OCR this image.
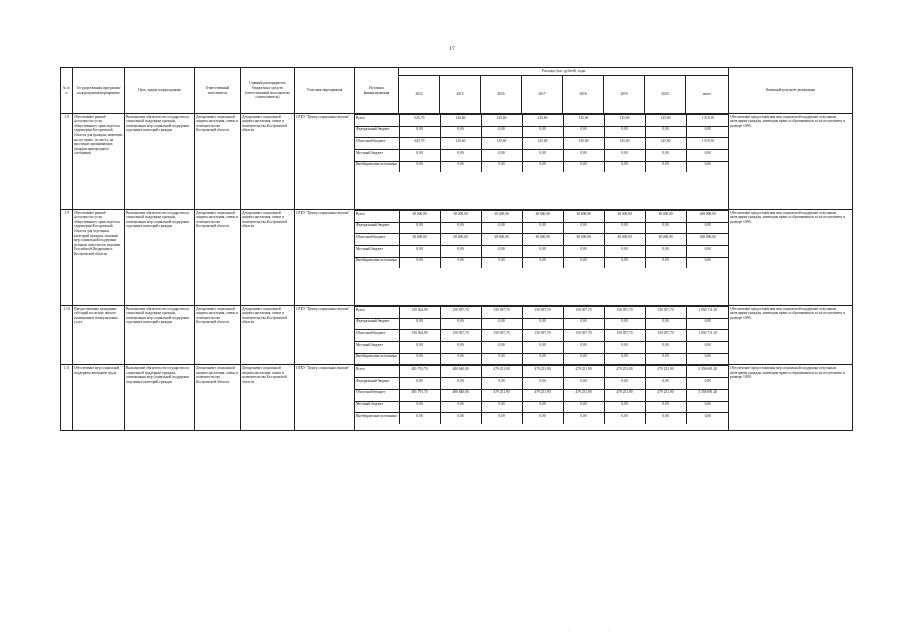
17
№ п/п	Государственная программа/подпрограмма/мероприятие	Цель, задача подпрограммы	Ответственный исполнитель	Главный распорядитель бюджетных средств (ответственный исполнитель/соисполнитель)	Участник мероприятия	Источник финансирования	Расходы (тыс. рублей), годы	Конечный результат реализации
2014	2015	2016	2017	2018	2019	2020	итого
1.8	Обеспечение равной доступности услуг общественного транспорта на территории Костромской области для граждан, имеющих на это право, по месту, на население проживающих граждан пригородного сообщения	Выполнение обязательств государства по социальной поддержке граждан, оптимизация мер социальной поддержки отдельных категорий граждан	Департамент социальной защиты населения, опеки и попечительства Костромской области	Департамент социальной защиты населения, опеки и попечительства Костромской области	ОГКУ "Центр социальных выплат"	Всего	645,70	145,60	145,60	145,60	145,60	145,60	145,60	1 519,30
Федеральный бюджет	0,00	0,00	0,00	0,00	0,00	0,00	0,00	0,00
Областной бюджет	645,70	145,60	145,60	145,60	145,60	145,60	145,60	1 519,30
Местный бюджет	0,00	0,00	0,00	0,00	0,00	0,00	0,00	0,00
Внебюджетные источники	0,00	0,00	0,00	0,00	0,00	0,00	0,00	0,00
	Обеспечение предоставления мер социальной поддержки отдельным категориям граждан, имеющим право и обратившимся за их получением, в размере 100%
1.9	Обеспечение равной доступности услуг общественного транспорта на территории Костромской области для отдельных категорий граждан, оказание мер социальной поддержки которым относится к ведению Российской Федерации и Костромской области	Выполнение обязательств государства по социальной поддержке граждан, оптимизация мер социальной поддержки отдельных категорий граждан	Департамент социальной защиты населения, опеки и попечительства Костромской области	Департамент социальной защиты населения, опеки и попечительства Костромской области	ОГКУ "Центр социальных выплат"	Всего	38 400,00	38 400,00	38 400,00	38 400,00	38 400,00	38 400,00	38 400,00	268 800,00
Федеральный бюджет	0,00	0,00	0,00	0,00	0,00	0,00	0,00	0,00
Областной бюджет	38 400,00	38 400,00	38 400,00	38 400,00	38 400,00	38 400,00	38 400,00	268 800,00
Местный бюджет	0,00	0,00	0,00	0,00	0,00	0,00	0,00	0,00
Внебюджетные источники	0,00	0,00	0,00	0,00	0,00	0,00	0,00	0,00
	Обеспечение предоставления мер социальной поддержки отдельным категориям граждан, имеющим право и обратившимся за их получением, в размере 100%
1.10	Предоставление гражданам субсидий на оплату жилого помещения и коммунальных услуг	Выполнение обязательств государства по социальной поддержке граждан, оптимизация мер социальной поддержки отдельных категорий граждан	Департамент социальной защиты населения, опеки и попечительства Костромской области	Департамент социальной защиты населения, опеки и попечительства Костромской области	ОГКУ "Центр социальных выплат"	Всего	150 364,90	150 057,70	150 057,70	150 057,70	150 057,70	150 057,70	150 057,70	1 050 711,10
Федеральный бюджет	0,00	0,00	0,00	0,00	0,00	0,00	0,00	0,00
Областной бюджет	150 364,90	150 057,70	150 057,70	150 057,70	150 057,70	150 057,70	150 057,70	1 050 711,10
Местный бюджет	0,00	0,00	0,00	0,00	0,00	0,00	0,00	0,00
Внебюджетные источники	0,00	0,00	0,00	0,00	0,00	0,00	0,00	0,00
	Обеспечение предоставления мер социальной поддержки отдельным категориям граждан, имеющим право и обратившимся за их получением, в размере 100%
1.11	Обеспечение мер социальной поддержки ветеранов труда	Выполнение обязательств государства по социальной поддержке граждан, оптимизация мер социальной поддержки отдельных категорий граждан	Департамент социальной защиты населения, опеки и попечительства Костромской области	Департамент социальной защиты населения, опеки и попечительства Костромской области	ОГКУ "Центр социальных выплат"	Всего	481 791,70	480 640,00	479 251,90	479 251,90	479 251,90	479 251,90	479 251,90	3 358 691,20
Федеральный бюджет	0,00	0,00	0,00	0,00	0,00	0,00	0,00	0,00
Областной бюджет	481 791,70	480 640,00	479 251,90	479 251,90	479 251,90	479 251,90	479 251,90	3 358 691,20
Местный бюджет	0,00	0,00	0,00	0,00	0,00	0,00	0,00	0,00
Внебюджетные источники	0,00	0,00	0,00	0,00	0,00	0,00	0,00	0,00
	Обеспечение предоставления мер социальной поддержки отдельным категориям граждан, имеющим право и обратившимся за их получением, в размере 100%
.	.
